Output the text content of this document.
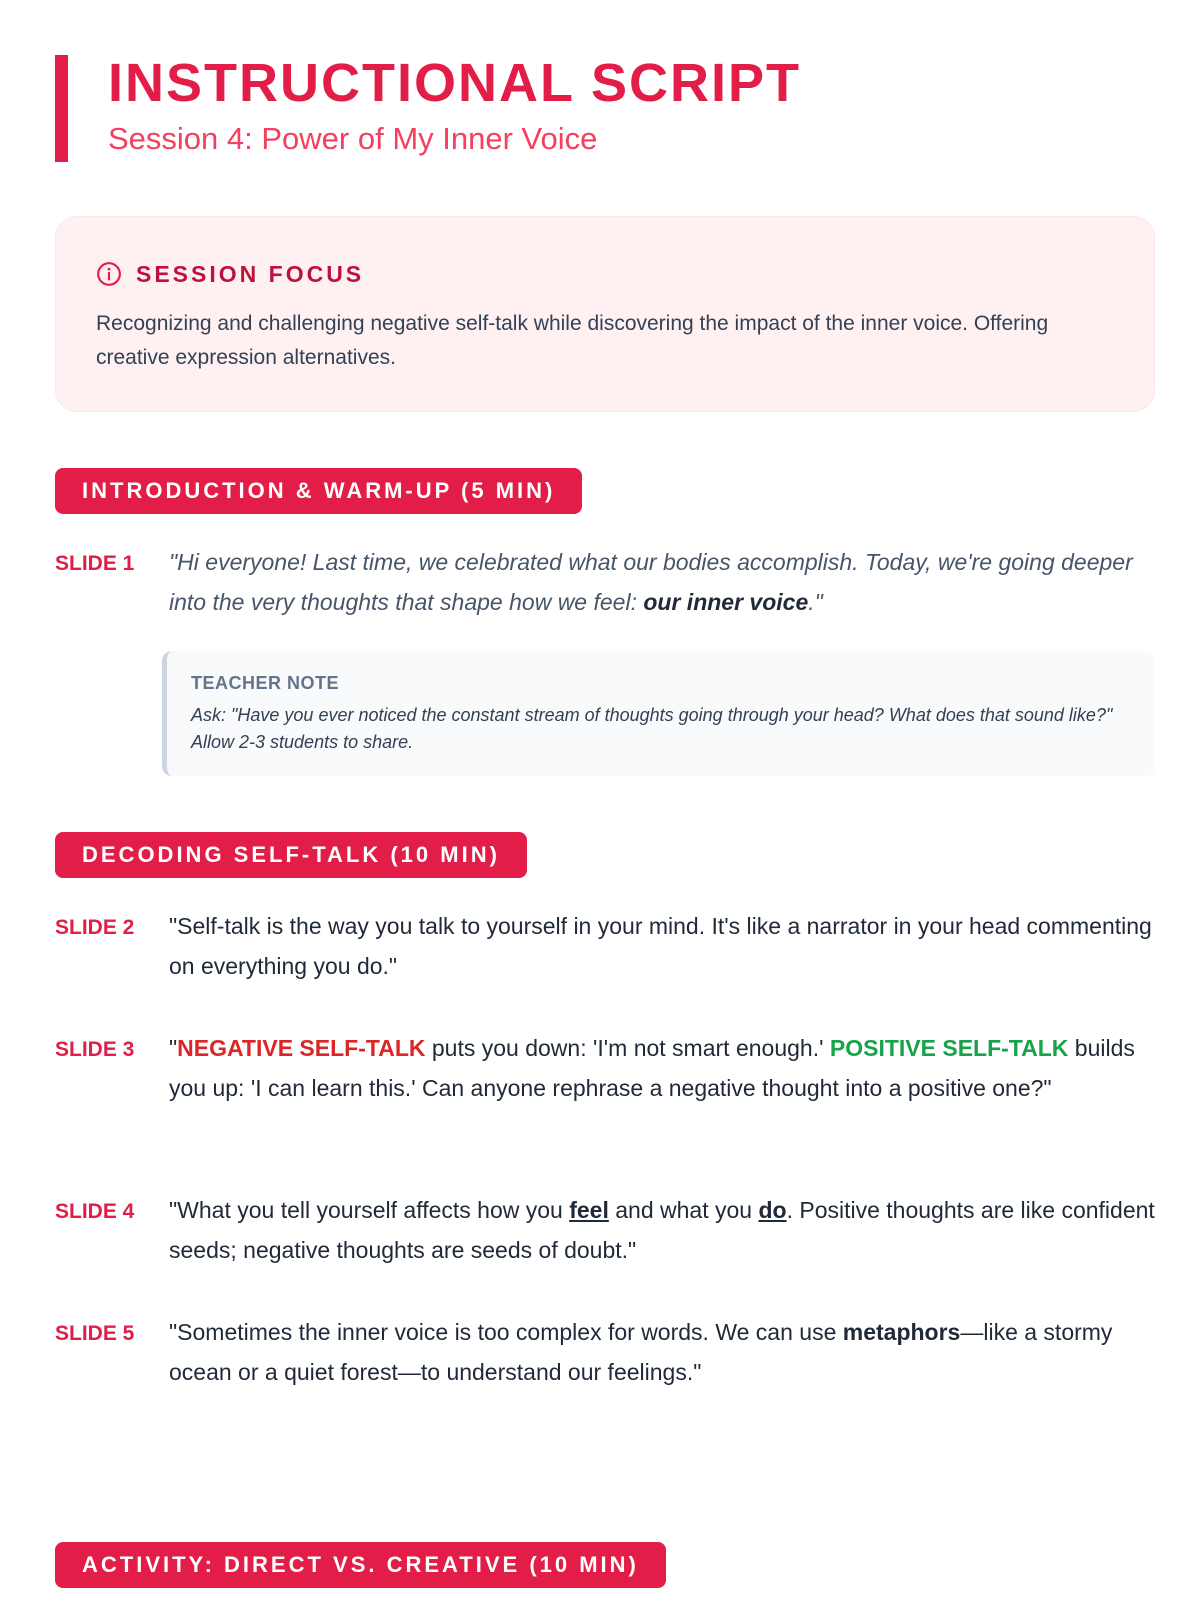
INSTRUCTIONAL SCRIPT

Session 4: Power of My Inner Voice

SESSION FOCUS

Recognizing and challenging negative self-talk while discovering the impact of the inner voice. Offering creative expression alternatives.

INTRODUCTION & WARM-UP (5 MIN)
SLIDE 1	"Hi everyone! Last time, we celebrated what our bodies accomplish. Today, we're going deeper into the very thoughts that shape how we feel: our inner voice."
TEACHER NOTE

Ask: "Have you ever noticed the constant stream of thoughts going through your head? What does that sound like?" Allow 2-3 students to share.

DECODING SELF-TALK (10 MIN)
SLIDE 2	"Self-talk is the way you talk to yourself in your mind. It's like a narrator in your head commenting on everything you do."
SLIDE 3	"NEGATIVE SELF-TALK puts you down: 'I'm not smart enough.' POSITIVE SELF-TALK builds you up: 'I can learn this.' Can anyone rephrase a negative thought into a positive one?"
SLIDE 4	"What you tell yourself affects how you feel and what you do. Positive thoughts are like confident seeds; negative thoughts are seeds of doubt."
SLIDE 5	"Sometimes the inner voice is too complex for words. We can use metaphors—like a stormy ocean or a quiet forest—to understand our feelings."
ACTIVITY: DIRECT VS. CREATIVE (10 MIN)
